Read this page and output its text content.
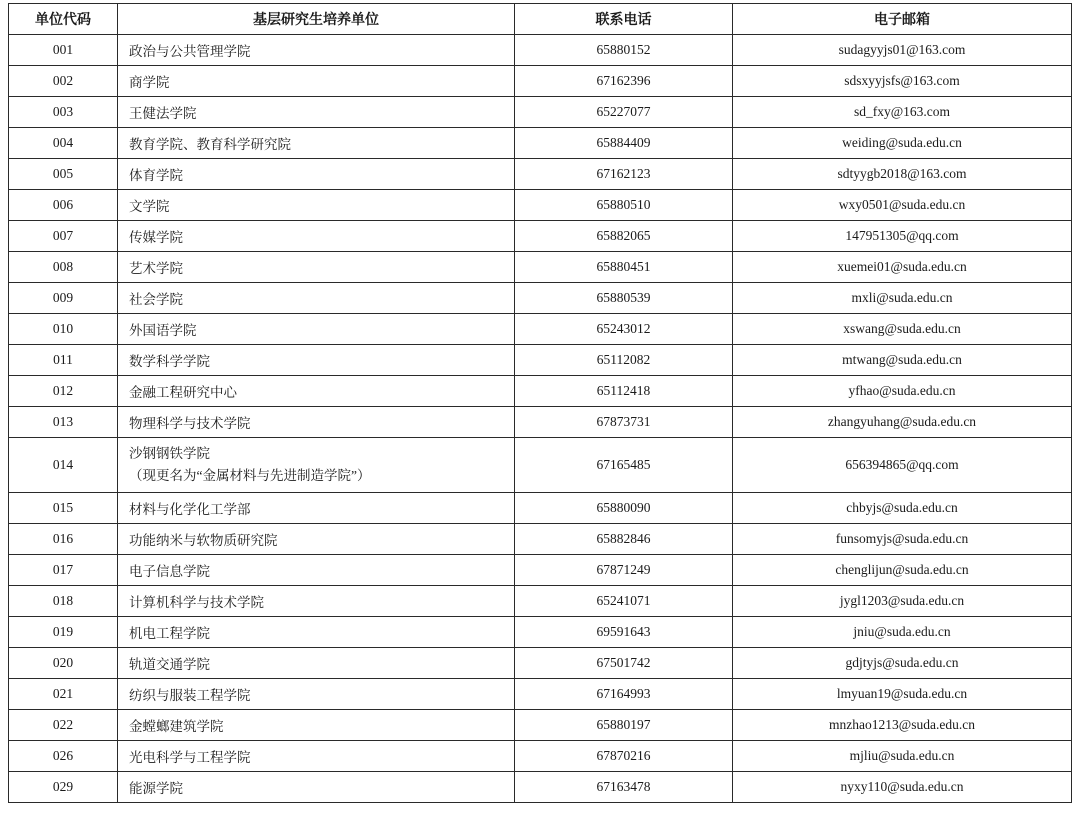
单位代码	基层研究生培养单位	联系电话	电子邮箱
001	政治与公共管理学院	65880152	sudagyyjs01@163.com
002	商学院	67162396	sdsxyyjsfs@163.com
003	王健法学院	65227077	sd_fxy@163.com
004	教育学院、教育科学研究院	65884409	weiding@suda.edu.cn
005	体育学院	67162123	sdtyygb2018@163.com
006	文学院	65880510	wxy0501@suda.edu.cn
007	传媒学院	65882065	147951305@qq.com
008	艺术学院	65880451	xuemei01@suda.edu.cn
009	社会学院	65880539	mxli@suda.edu.cn
010	外国语学院	65243012	xswang@suda.edu.cn
011	数学科学学院	65112082	mtwang@suda.edu.cn
012	金融工程研究中心	65112418	yfhao@suda.edu.cn
013	物理科学与技术学院	67873731	zhangyuhang@suda.edu.cn
014	沙钢钢铁学院
（现更名为“金属材料与先进制造学院”）	67165485	656394865@qq.com
015	材料与化学化工学部	65880090	chbyjs@suda.edu.cn
016	功能纳米与软物质研究院	65882846	funsomyjs@suda.edu.cn
017	电子信息学院	67871249	chenglijun@suda.edu.cn
018	计算机科学与技术学院	65241071	jygl1203@suda.edu.cn
019	机电工程学院	69591643	jniu@suda.edu.cn
020	轨道交通学院	67501742	gdjtyjs@suda.edu.cn
021	纺织与服装工程学院	67164993	lmyuan19@suda.edu.cn
022	金螳螂建筑学院	65880197	mnzhao1213@suda.edu.cn
026	光电科学与工程学院	67870216	mjliu@suda.edu.cn
029	能源学院	67163478	nyxy110@suda.edu.cn
